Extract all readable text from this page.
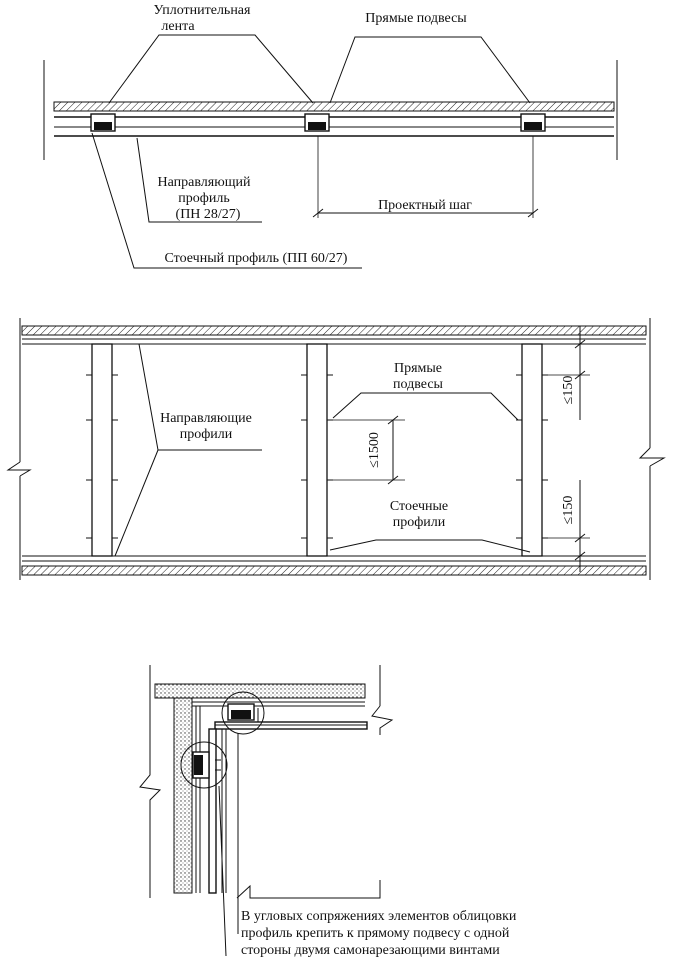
Уплотнительная
лента
Прямые подвесы
Направляющий
профиль
(ПН 28/27)
Проектный шаг
Стоечный профиль (ПП 60/27)
Прямые
подвесы
Направляющие
профили
Стоечные
профили
≤1500
≤150
≤150
В угловых сопряжениях элементов облицовки
профиль крепить к прямому подвесу с одной
стороны двумя самонарезающими винтами
